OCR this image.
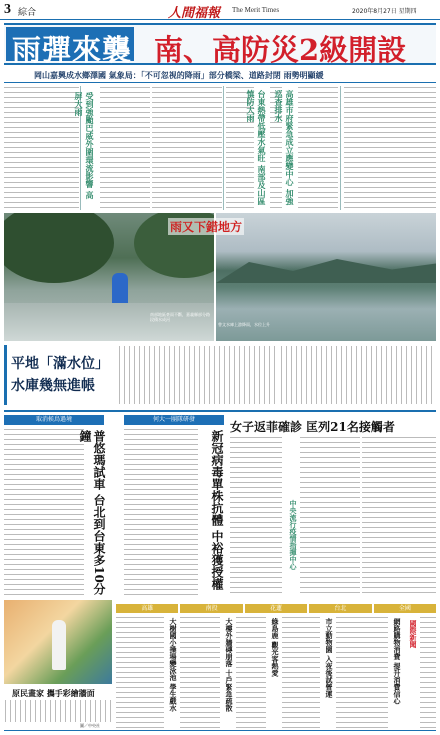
3 綜合	人間福報 The Merit Times	2020年8月27日 星期四
雨彈來襲 南、高防災2級開設
岡山嘉興成水鄉澤國 氣象局：「不可忽視的降雨」部分橋梁、道路封閉 雨勢明顯緩
受到強颱巴威外圍環流影響 高屏大雨	台東熱帶低壓水氣旺 南部及山區慎防大雨	高雄市府緊急成立應變中心 加強巡查排水
雨又下錯地方
南部地區豪雨不斷，嘉義縣部分路段積水成河
曾文水庫上游降雨，水位上升
平地「滿水位」
水庫幾無進帳
取消候鳥過境
普悠瑪試車 台北到台東多10分鐘
何大一團隊研發
新冠病毒單株抗體 中裕獲授權
女子返菲確診 匡列21名接觸者
中央流行疫情指揮中心
原民畫家 攜手彩繪牆面
圖／中央社
高雄	南投	花蓮	台北	全國
大樹國小操場變泳池 學生戲水	大樓外牆磚崩落 十戶緊急疏散	綠島鹿 觀光客熱愛	市立動物園 入夜後試營運	網路購物消費 提升消費信心	國際新聞
